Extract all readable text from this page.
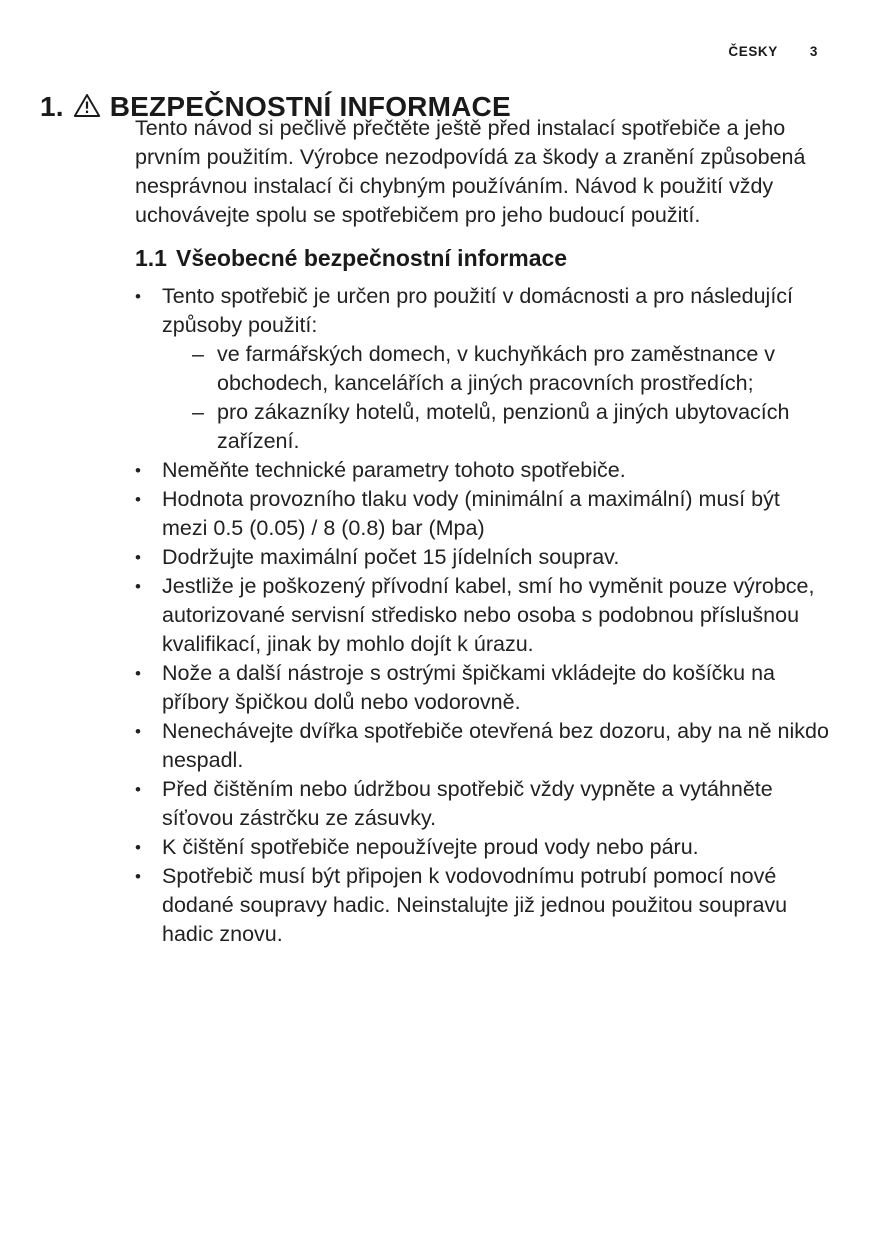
ČESKY 3
1. BEZPEČNOSTNÍ INFORMACE

Tento návod si pečlivě přečtěte ještě před instalací spotřebiče a jeho prvním použitím. Výrobce nezodpovídá za škody a zranění způsobená nesprávnou instalací či chybným používáním. Návod k použití vždy uchovávejte spolu se spotřebičem pro jeho budoucí použití.

1.1 Všeobecné bezpečnostní informace
• Tento spotřebič je určen pro použití v domácnosti a pro následující způsoby použití:
– ve farmářských domech, v kuchyňkách pro zaměstnance v obchodech, kancelářích a jiných pracovních prostředích;
– pro zákazníky hotelů, motelů, penzionů a jiných ubytovacích zařízení.
• Neměňte technické parametry tohoto spotřebiče.
• Hodnota provozního tlaku vody (minimální a maximální) musí být mezi 0.5 (0.05) / 8 (0.8) bar (Mpa)
• Dodržujte maximální počet 15 jídelních souprav.
• Jestliže je poškozený přívodní kabel, smí ho vyměnit pouze výrobce, autorizované servisní středisko nebo osoba s podobnou příslušnou kvalifikací, jinak by mohlo dojít k úrazu.
• Nože a další nástroje s ostrými špičkami vkládejte do košíčku na příbory špičkou dolů nebo vodorovně.
• Nenechávejte dvířka spotřebiče otevřená bez dozoru, aby na ně nikdo nespadl.
• Před čištěním nebo údržbou spotřebič vždy vypněte a vytáhněte síťovou zástrčku ze zásuvky.
• K čištění spotřebiče nepoužívejte proud vody nebo páru.
• Spotřebič musí být připojen k vodovodnímu potrubí pomocí nové dodané soupravy hadic. Neinstalujte již jednou použitou soupravu hadic znovu.
